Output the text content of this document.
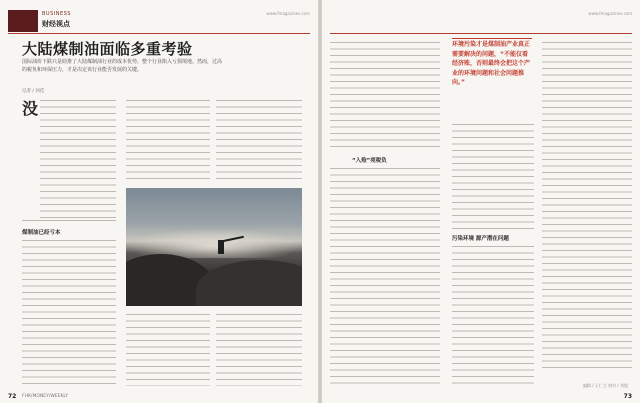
BUSINESS
财经视点
www.fmagazines.com
大陆煤制油面临多重考验
国际油价下跌只是助推了大陆煤制油行业的成本优势，整个行业陷入亏损境地。然而，过高的税负和环保压力，才是决定该行业能否发展的关键。
记者 / 何佳
没
煤制油已经亏本
72 FHK/MONEY/WEEKLY
www.fmagazines.com
“入殓”亮税负
环境污染才是煤制油产业真正需要解决的问题，“不能仅看经济账，否则最终会把这个产业的环境问题和社会问题推向。”
污染环境 源产潜在问题
编辑 / 王仁立 校对 / 刘俊
73
